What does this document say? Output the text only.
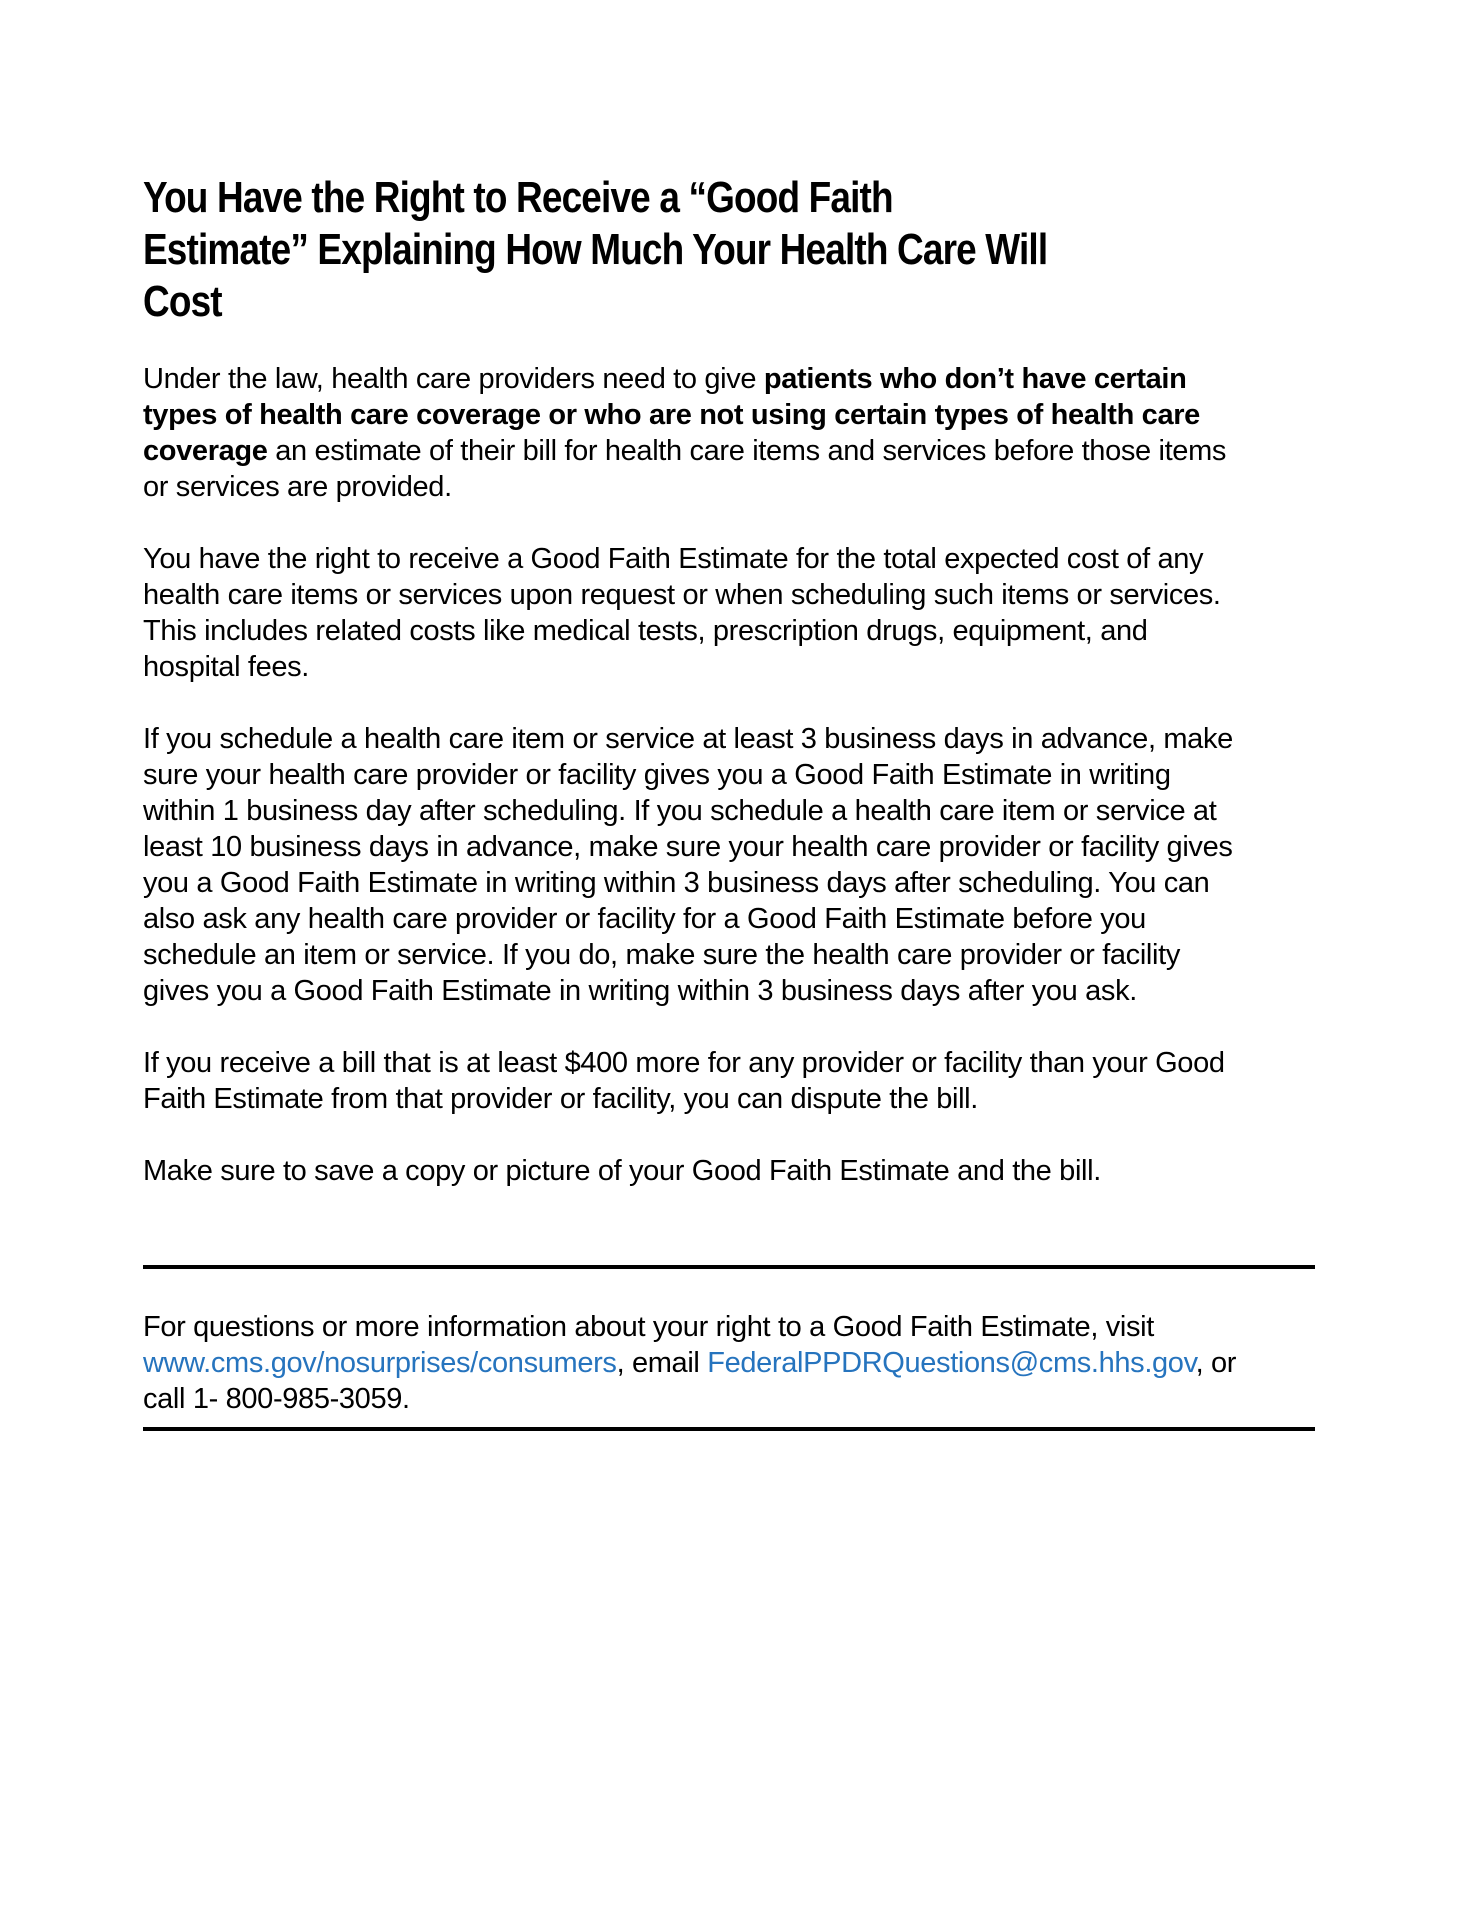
You Have the Right to Receive a “Good Faith
Estimate” Explaining How Much Your Health Care Will
Cost
Under the law, health care providers need to give patients who don’t have certain
types of health care coverage or who are not using certain types of health care
coverage an estimate of their bill for health care items and services before those items
or services are provided.
You have the right to receive a Good Faith Estimate for the total expected cost of any
health care items or services upon request or when scheduling such items or services.
This includes related costs like medical tests, prescription drugs, equipment, and
hospital fees.
If you schedule a health care item or service at least 3 business days in advance, make
sure your health care provider or facility gives you a Good Faith Estimate in writing
within 1 business day after scheduling. If you schedule a health care item or service at
least 10 business days in advance, make sure your health care provider or facility gives
you a Good Faith Estimate in writing within 3 business days after scheduling. You can
also ask any health care provider or facility for a Good Faith Estimate before you
schedule an item or service. If you do, make sure the health care provider or facility
gives you a Good Faith Estimate in writing within 3 business days after you ask.
If you receive a bill that is at least $400 more for any provider or facility than your Good
Faith Estimate from that provider or facility, you can dispute the bill.
Make sure to save a copy or picture of your Good Faith Estimate and the bill.
For questions or more information about your right to a Good Faith Estimate, visit
www.cms.gov/nosurprises/consumers, email FederalPPDRQuestions@cms.hhs.gov, or
call 1- 800-985-3059.
